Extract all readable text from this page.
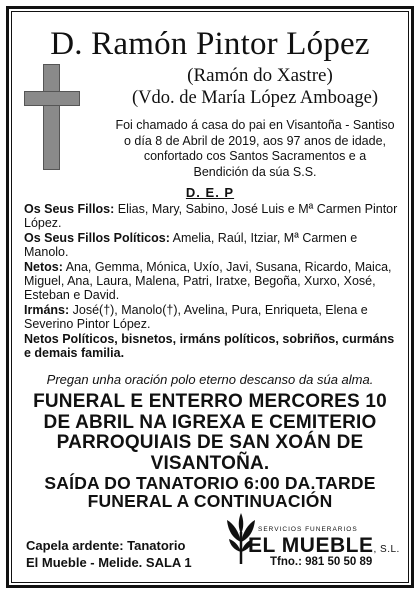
D. Ramón Pintor López
(Ramón do Xastre)
(Vdo. de María López Amboage)
Foi chamado á casa do pai en Visantoña - Santiso
o día 8 de Abril de 2019, aos 97 anos de idade,
confortado cos Santos Sacramentos e a
Bendición da súa S.S.
D. E. P

Os Seus Fillos: Elias, Mary, Sabino, José Luis e Mª Carmen Pintor López.

Os Seus Fillos Políticos: Amelia, Raúl, Itziar, Mª Carmen e Manolo.

Netos: Ana, Gemma, Mónica, Uxío, Javi, Susana, Ricardo, Maica, Miguel, Ana, Laura, Malena, Patri, Iratxe, Begoña, Xurxo, Xosé, Esteban e David.

Irmáns: José(†), Manolo(†), Avelina, Pura, Enriqueta, Elena e Severino Pintor López.

Netos Políticos, bisnetos, irmáns políticos, sobriños, curmáns e demais familia.

Pregan unha oración polo eterno descanso da súa alma.
FUNERAL E ENTERRO MERCORES 10
DE ABRIL NA IGREXA E CEMITERIO
PARROQUIAIS DE SAN XOÁN DE
VISANTOÑA.
SAÍDA DO TANATORIO 6:00 DA.TARDE
FUNERAL A CONTINUACIÓN
Capela ardente: Tanatorio
El Mueble - Melide. SALA 1
SERVICIOS FUNERARIOS
EL MUEBLE, S.L.
Tfno.: 981 50 50 89
